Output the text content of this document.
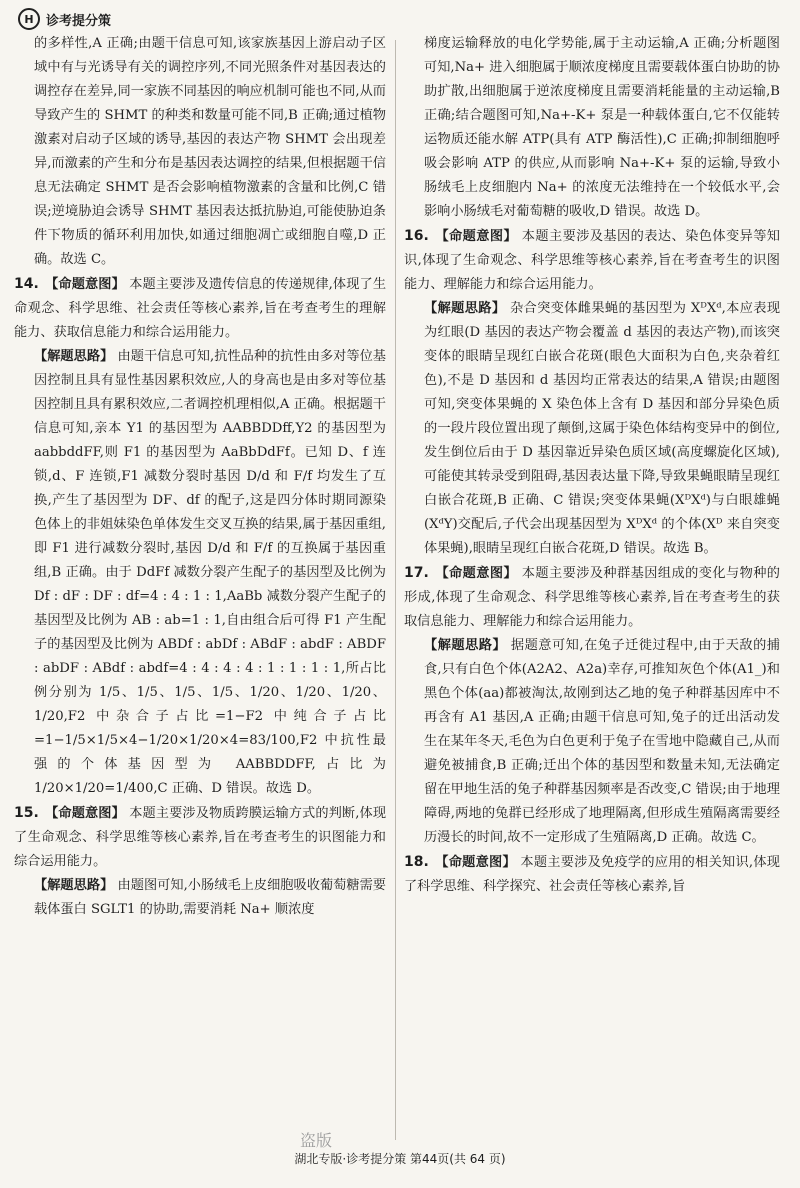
H 诊考提分策

的多样性,A 正确;由题干信息可知,该家族基因上游启动子区域中有与光诱导有关的调控序列,不同光照条件对基因表达的调控存在差异,同一家族不同基因的响应机制可能也不同,从而导致产生的 SHMT 的种类和数量可能不同,B 正确;通过植物激素对启动子区域的诱导,基因的表达产物 SHMT 会出现差异,而激素的产生和分布是基因表达调控的结果,但根据题干信息无法确定 SHMT 是否会影响植物激素的含量和比例,C 错误;逆境胁迫会诱导 SHMT 基因表达抵抗胁迫,可能使胁迫条件下物质的循环利用加快,如通过细胞凋亡或细胞自噬,D 正确。故选 C。

14. 【命题意图】 本题主要涉及遗传信息的传递规律,体现了生命观念、科学思维、社会责任等核心素养,旨在考查考生的理解能力、获取信息能力和综合运用能力。

【解题思路】 由题干信息可知,抗性品种的抗性由多对等位基因控制且具有显性基因累积效应,人的身高也是由多对等位基因控制且具有累积效应,二者调控机理相似,A 正确。根据题干信息可知,亲本 Y1 的基因型为 AABBDDff,Y2 的基因型为 aabbddFF,则 F1 的基因型为 AaBbDdFf。已知 D、f 连锁,d、F 连锁,F1 减数分裂时基因 D/d 和 F/f 均发生了互换,产生了基因型为 DF、df 的配子,这是四分体时期同源染色体上的非姐妹染色单体发生交叉互换的结果,属于基因重组,即 F1 进行减数分裂时,基因 D/d 和 F/f 的互换属于基因重组,B 正确。由于 DdFf 减数分裂产生配子的基因型及比例为 Df : dF : DF : df=4 : 4 : 1 : 1,AaBb 减数分裂产生配子的基因型及比例为 AB : ab=1 : 1,自由组合后可得 F1 产生配子的基因型及比例为 ABDf : abDf : ABdF : abdF : ABDF : abDF : ABdf : abdf=4 : 4 : 4 : 4 : 1 : 1 : 1 : 1,所占比例分别为 1/5、1/5、1/5、1/5、1/20、1/20、1/20、1/20,F2 中杂合子占比=1−F2 中纯合子占比=1−1/5×1/5×4−1/20×1/20×4=83/100,F2 中抗性最强的个体基因型为 AABBDDFF,占比为 1/20×1/20=1/400,C 正确、D 错误。故选 D。

15. 【命题意图】 本题主要涉及物质跨膜运输方式的判断,体现了生命观念、科学思维等核心素养,旨在考查考生的识图能力和综合运用能力。

【解题思路】 由题图可知,小肠绒毛上皮细胞吸收葡萄糖需要载体蛋白 SGLT1 的协助,需要消耗 Na+ 顺浓度

梯度运输释放的电化学势能,属于主动运输,A 正确;分析题图可知,Na+ 进入细胞属于顺浓度梯度且需要载体蛋白协助的协助扩散,出细胞属于逆浓度梯度且需要消耗能量的主动运输,B 正确;结合题图可知,Na+-K+ 泵是一种载体蛋白,它不仅能转运物质还能水解 ATP(具有 ATP 酶活性),C 正确;抑制细胞呼吸会影响 ATP 的供应,从而影响 Na+-K+ 泵的运输,导致小肠绒毛上皮细胞内 Na+ 的浓度无法维持在一个较低水平,会影响小肠绒毛对葡萄糖的吸收,D 错误。故选 D。

16. 【命题意图】 本题主要涉及基因的表达、染色体变异等知识,体现了生命观念、科学思维等核心素养,旨在考查考生的识图能力、理解能力和综合运用能力。

【解题思路】 杂合突变体雌果蝇的基因型为 XᴰXᵈ,本应表现为红眼(D 基因的表达产物会覆盖 d 基因的表达产物),而该突变体的眼睛呈现红白嵌合花斑(眼色大面积为白色,夹杂着红色),不是 D 基因和 d 基因均正常表达的结果,A 错误;由题图可知,突变体果蝇的 X 染色体上含有 D 基因和部分异染色质的一段片段位置出现了颠倒,这属于染色体结构变异中的倒位,发生倒位后由于 D 基因靠近异染色质区域(高度螺旋化区域),可能使其转录受到阻碍,基因表达量下降,导致果蝇眼睛呈现红白嵌合花斑,B 正确、C 错误;突变体果蝇(XᴰXᵈ)与白眼雄蝇(XᵈY)交配后,子代会出现基因型为 XᴰXᵈ 的个体(Xᴰ 来自突变体果蝇),眼睛呈现红白嵌合花斑,D 错误。故选 B。

17. 【命题意图】 本题主要涉及种群基因组成的变化与物种的形成,体现了生命观念、科学思维等核心素养,旨在考查考生的获取信息能力、理解能力和综合运用能力。

【解题思路】 据题意可知,在兔子迁徙过程中,由于天敌的捕食,只有白色个体(A2A2、A2a)幸存,可推知灰色个体(A1_)和黑色个体(aa)都被淘汰,故刚到达乙地的兔子种群基因库中不再含有 A1 基因,A 正确;由题干信息可知,兔子的迁出活动发生在某年冬天,毛色为白色更利于兔子在雪地中隐藏自己,从而避免被捕食,B 正确;迁出个体的基因型和数量未知,无法确定留在甲地生活的兔子种群基因频率是否改变,C 错误;由于地理障碍,两地的兔群已经形成了地理隔离,但形成生殖隔离需要经历漫长的时间,故不一定形成了生殖隔离,D 正确。故选 C。

18. 【命题意图】 本题主要涉及免疫学的应用的相关知识,体现了科学思维、科学探究、社会责任等核心素养,旨

盗版
湖北专版·诊考提分策 第44页(共 64 页)
